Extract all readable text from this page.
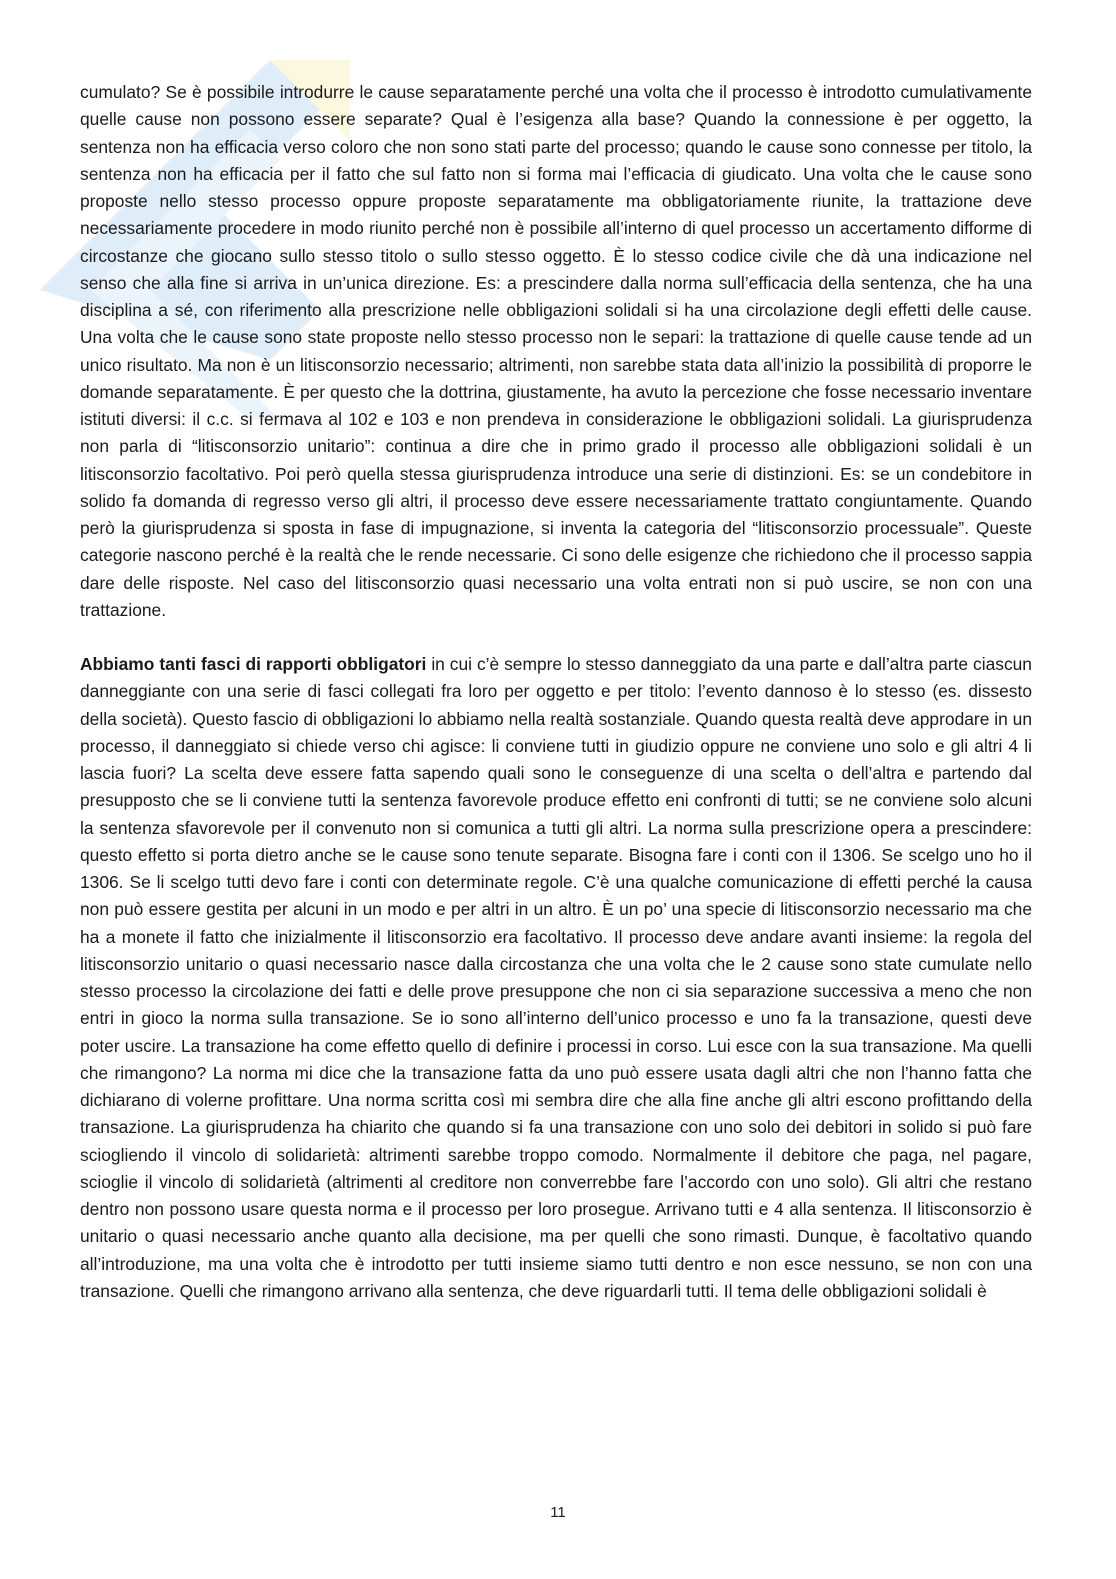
cumulato? Se è possibile introdurre le cause separatamente perché una volta che il processo è introdotto cumulativamente quelle cause non possono essere separate? Qual è l’esigenza alla base? Quando la connessione è per oggetto, la sentenza non ha efficacia verso coloro che non sono stati parte del processo; quando le cause sono connesse per titolo, la sentenza non ha efficacia per il fatto che sul fatto non si forma mai l’efficacia di giudicato. Una volta che le cause sono proposte nello stesso processo oppure proposte separatamente ma obbligatoriamente riunite, la trattazione deve necessariamente procedere in modo riunito perché non è possibile all’interno di quel processo un accertamento difforme di circostanze che giocano sullo stesso titolo o sullo stesso oggetto. È lo stesso codice civile che dà una indicazione nel senso che alla fine si arriva in un’unica direzione. Es: a prescindere dalla norma sull’efficacia della sentenza, che ha una disciplina a sé, con riferimento alla prescrizione nelle obbligazioni solidali si ha una circolazione degli effetti delle cause. Una volta che le cause sono state proposte nello stesso processo non le separi: la trattazione di quelle cause tende ad un unico risultato. Ma non è un litisconsorzio necessario; altrimenti, non sarebbe stata data all’inizio la possibilità di proporre le domande separatamente. È per questo che la dottrina, giustamente, ha avuto la percezione che fosse necessario inventare istituti diversi: il c.c. si fermava al 102 e 103 e non prendeva in considerazione le obbligazioni solidali. La giurisprudenza non parla di “litisconsorzio unitario”: continua a dire che in primo grado il processo alle obbligazioni solidali è un litisconsorzio facoltativo. Poi però quella stessa giurisprudenza introduce una serie di distinzioni. Es: se un condebitore in solido fa domanda di regresso verso gli altri, il processo deve essere necessariamente trattato congiuntamente. Quando però la giurisprudenza si sposta in fase di impugnazione, si inventa la categoria del “litisconsorzio processuale”. Queste categorie nascono perché è la realtà che le rende necessarie. Ci sono delle esigenze che richiedono che il processo sappia dare delle risposte. Nel caso del litisconsorzio quasi necessario una volta entrati non si può uscire, se non con una trattazione.

Abbiamo tanti fasci di rapporti obbligatori in cui c’è sempre lo stesso danneggiato da una parte e dall’altra parte ciascun danneggiante con una serie di fasci collegati fra loro per oggetto e per titolo: l’evento dannoso è lo stesso (es. dissesto della società). Questo fascio di obbligazioni lo abbiamo nella realtà sostanziale. Quando questa realtà deve approdare in un processo, il danneggiato si chiede verso chi agisce: li conviene tutti in giudizio oppure ne conviene uno solo e gli altri 4 li lascia fuori? La scelta deve essere fatta sapendo quali sono le conseguenze di una scelta o dell’altra e partendo dal presupposto che se li conviene tutti la sentenza favorevole produce effetto eni confronti di tutti; se ne conviene solo alcuni la sentenza sfavorevole per il convenuto non si comunica a tutti gli altri. La norma sulla prescrizione opera a prescindere: questo effetto si porta dietro anche se le cause sono tenute separate. Bisogna fare i conti con il 1306. Se scelgo uno ho il 1306. Se li scelgo tutti devo fare i conti con determinate regole. C’è una qualche comunicazione di effetti perché la causa non può essere gestita per alcuni in un modo e per altri in un altro. È un po’ una specie di litisconsorzio necessario ma che ha a monete il fatto che inizialmente il litisconsorzio era facoltativo. Il processo deve andare avanti insieme: la regola del litisconsorzio unitario o quasi necessario nasce dalla circostanza che una volta che le 2 cause sono state cumulate nello stesso processo la circolazione dei fatti e delle prove presuppone che non ci sia separazione successiva a meno che non entri in gioco la norma sulla transazione. Se io sono all’interno dell’unico processo e uno fa la transazione, questi deve poter uscire. La transazione ha come effetto quello di definire i processi in corso. Lui esce con la sua transazione. Ma quelli che rimangono? La norma mi dice che la transazione fatta da uno può essere usata dagli altri che non l’hanno fatta che dichiarano di volerne profittare. Una norma scritta così mi sembra dire che alla fine anche gli altri escono profittando della transazione. La giurisprudenza ha chiarito che quando si fa una transazione con uno solo dei debitori in solido si può fare sciogliendo il vincolo di solidarietà: altrimenti sarebbe troppo comodo. Normalmente il debitore che paga, nel pagare, scioglie il vincolo di solidarietà (altrimenti al creditore non converrebbe fare l’accordo con uno solo). Gli altri che restano dentro non possono usare questa norma e il processo per loro prosegue. Arrivano tutti e 4 alla sentenza. Il litisconsorzio è unitario o quasi necessario anche quanto alla decisione, ma per quelli che sono rimasti. Dunque, è facoltativo quando all’introduzione, ma una volta che è introdotto per tutti insieme siamo tutti dentro e non esce nessuno, se non con una transazione. Quelli che rimangono arrivano alla sentenza, che deve riguardarli tutti. Il tema delle obbligazioni solidali è

11
